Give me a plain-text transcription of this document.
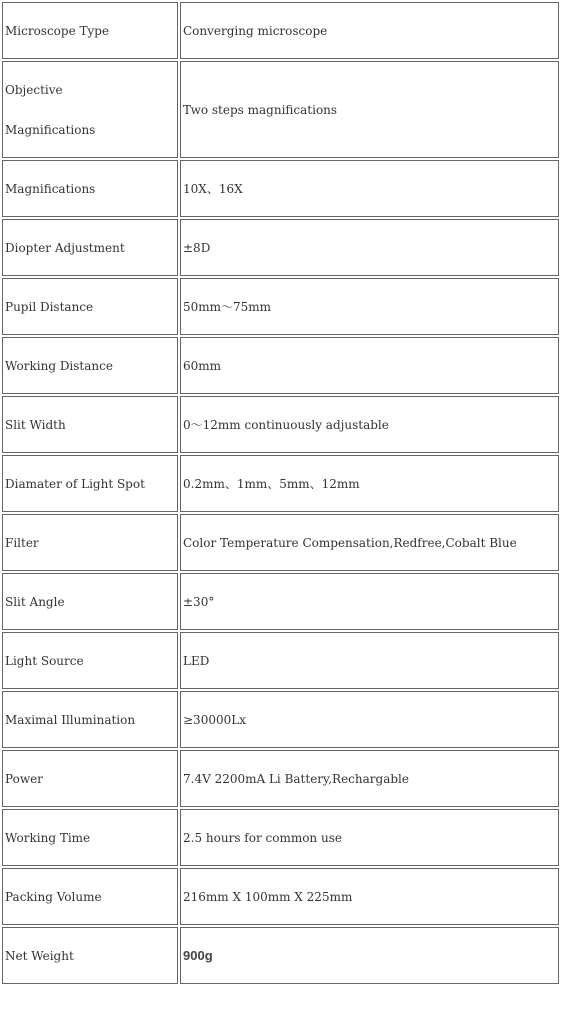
Microscope Type	Converging microscope

Objective
Magnifications	Two steps magnifications
Magnifications	10X、16X
Diopter Adjustment	±8D
Pupil Distance	50mm～75mm
Working Distance	60mm
Slit Width	0～12mm continuously adjustable
Diamater of Light Spot	0.2mm、1mm、5mm、12mm
Filter	Color Temperature Compensation,Redfree,Cobalt Blue
Slit Angle	±30°
Light Source	LED
Maximal Illumination	≥30000Lx
Power	7.4V 2200mA Li Battery,Rechargable
Working Time	2.5 hours for common use
Packing Volume	216mm X 100mm X 225mm
Net Weight	900g
